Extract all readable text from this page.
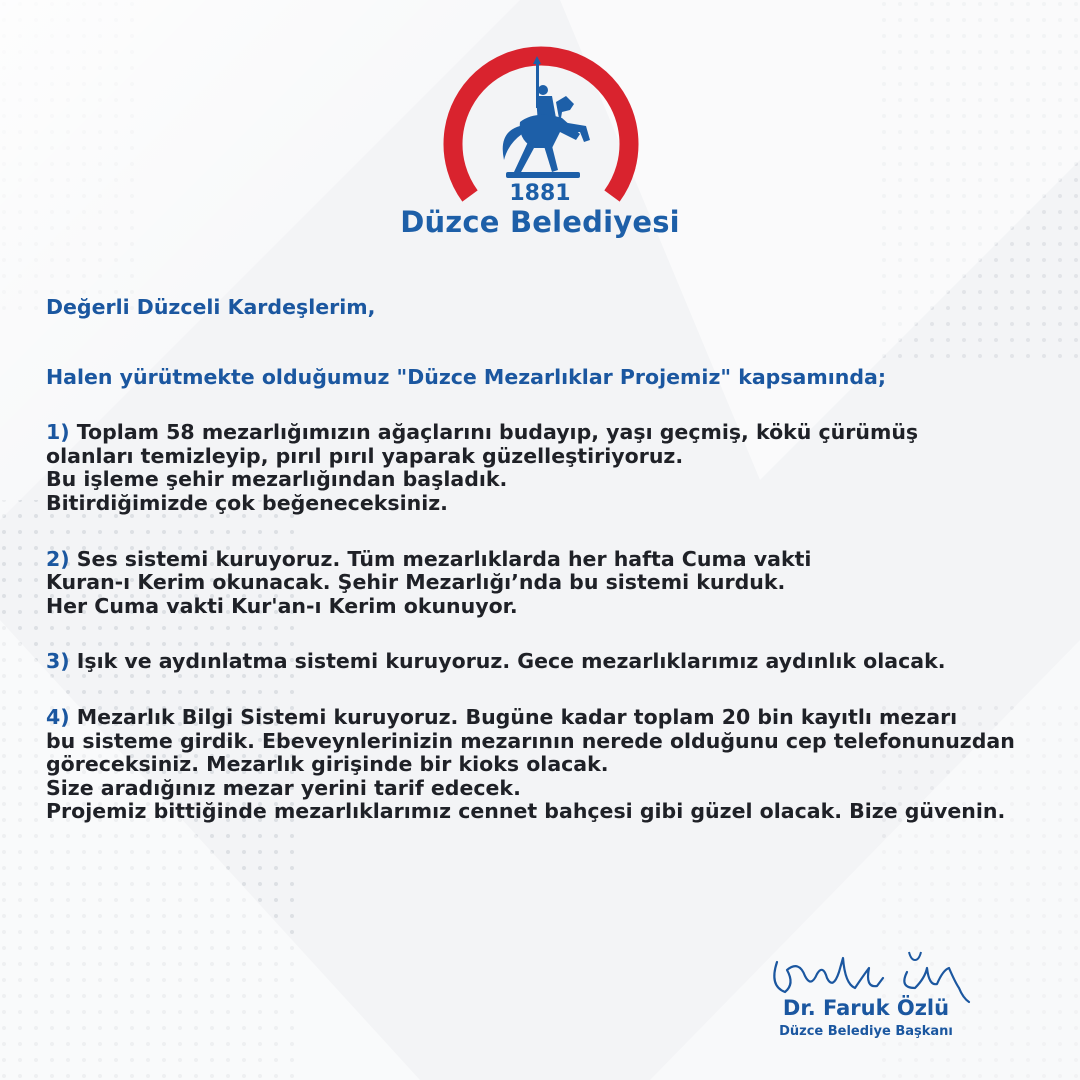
1881
Düzce Belediyesi

Değerli Düzceli Kardeşlerim,

Halen yürütmekte olduğumuz "Düzce Mezarlıklar Projemiz" kapsamında;

1) Toplam 58 mezarlığımızın ağaçlarını budayıp, yaşı geçmiş, kökü çürümüş
olanları temizleyip, pırıl pırıl yaparak güzelleştiriyoruz.
Bu işleme şehir mezarlığından başladık.
Bitirdiğimizde çok beğeneceksiniz.

2) Ses sistemi kuruyoruz. Tüm mezarlıklarda her hafta Cuma vakti
Kuran-ı Kerim okunacak. Şehir Mezarlığı’nda bu sistemi kurduk.
Her Cuma vakti Kur'an-ı Kerim okunuyor.

3) Işık ve aydınlatma sistemi kuruyoruz. Gece mezarlıklarımız aydınlık olacak.

4) Mezarlık Bilgi Sistemi kuruyoruz. Bugüne kadar toplam 20 bin kayıtlı mezarı
bu sisteme girdik. Ebeveynlerinizin mezarının nerede olduğunu cep telefonunuzdan
göreceksiniz. Mezarlık girişinde bir kioks olacak.
Size aradığınız mezar yerini tarif edecek.
Projemiz bittiğinde mezarlıklarımız cennet bahçesi gibi güzel olacak. Bize güvenin.

Dr. Faruk Özlü
Düzce Belediye Başkanı
